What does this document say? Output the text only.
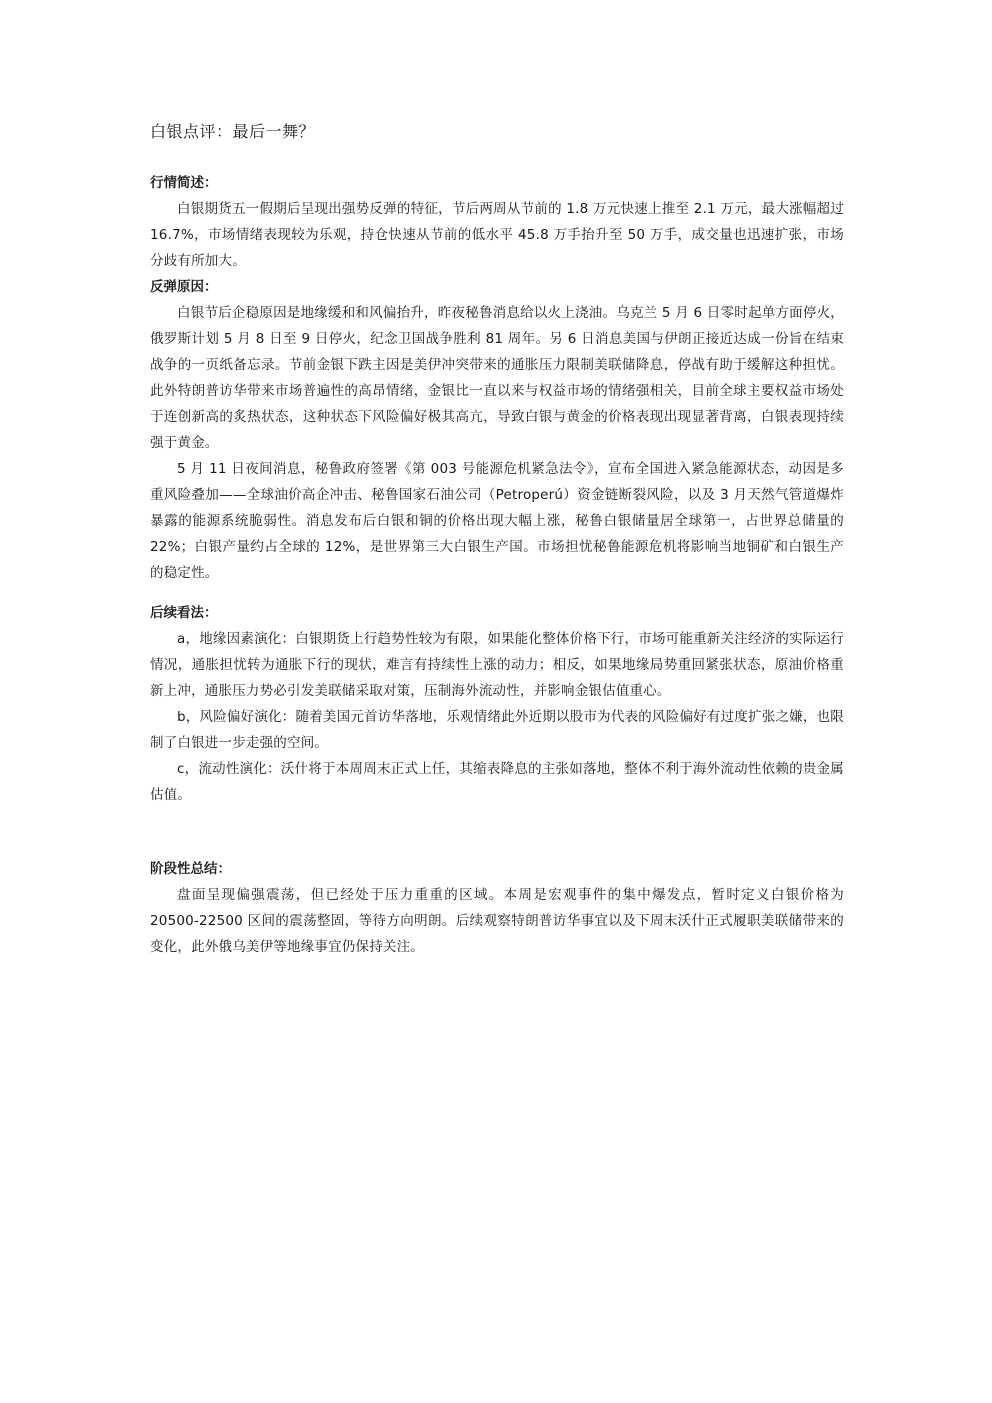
白银点评：最后一舞？
行情简述：

白银期货五一假期后呈现出强势反弹的特征，节后两周从节前的 1.8 万元快速上推至 2.1 万元，最大涨幅超过 16.7%，市场情绪表现较为乐观，持仓快速从节前的低水平 45.8 万手抬升至 50 万手，成交量也迅速扩张，市场分歧有所加大。

反弹原因：

白银节后企稳原因是地缘缓和和风偏抬升，昨夜秘鲁消息给以火上浇油。乌克兰 5 月 6 日零时起单方面停火，俄罗斯计划 5 月 8 日至 9 日停火，纪念卫国战争胜利 81 周年。另 6 日消息美国与伊朗正接近达成一份旨在结束战争的一页纸备忘录。节前金银下跌主因是美伊冲突带来的通胀压力限制美联储降息，停战有助于缓解这种担忧。此外特朗普访华带来市场普遍性的高昂情绪，金银比一直以来与权益市场的情绪强相关，目前全球主要权益市场处于连创新高的炙热状态，这种状态下风险偏好极其高亢，导致白银与黄金的价格表现出现显著背离，白银表现持续强于黄金。

5 月 11 日夜间消息，秘鲁政府签署《第 003 号能源危机紧急法令》，宣布全国进入紧急能源状态，动因是多重风险叠加——全球油价高企冲击、秘鲁国家石油公司（Petroperú）资金链断裂风险，以及 3 月天然气管道爆炸暴露的能源系统脆弱性。消息发布后白银和铜的价格出现大幅上涨，秘鲁白银储量居全球第一，占世界总储量的 22%；白银产量约占全球的 12%，是世界第三大白银生产国。市场担忧秘鲁能源危机将影响当地铜矿和白银生产的稳定性。

后续看法：

a，地缘因素演化：白银期货上行趋势性较为有限，如果能化整体价格下行，市场可能重新关注经济的实际运行情况，通胀担忧转为通胀下行的现状，难言有持续性上涨的动力；相反，如果地缘局势重回紧张状态，原油价格重新上冲，通胀压力势必引发美联储采取对策，压制海外流动性，并影响金银估值重心。

b，风险偏好演化：随着美国元首访华落地，乐观情绪此外近期以股市为代表的风险偏好有过度扩张之嫌，也限制了白银进一步走强的空间。

c，流动性演化：沃什将于本周周末正式上任，其缩表降息的主张如落地，整体不利于海外流动性依赖的贵金属估值。

阶段性总结：

盘面呈现偏强震荡，但已经处于压力重重的区域。本周是宏观事件的集中爆发点，暂时定义白银价格为 20500-22500 区间的震荡整固，等待方向明朗。后续观察特朗普访华事宜以及下周末沃什正式履职美联储带来的变化，此外俄乌美伊等地缘事宜仍保持关注。
